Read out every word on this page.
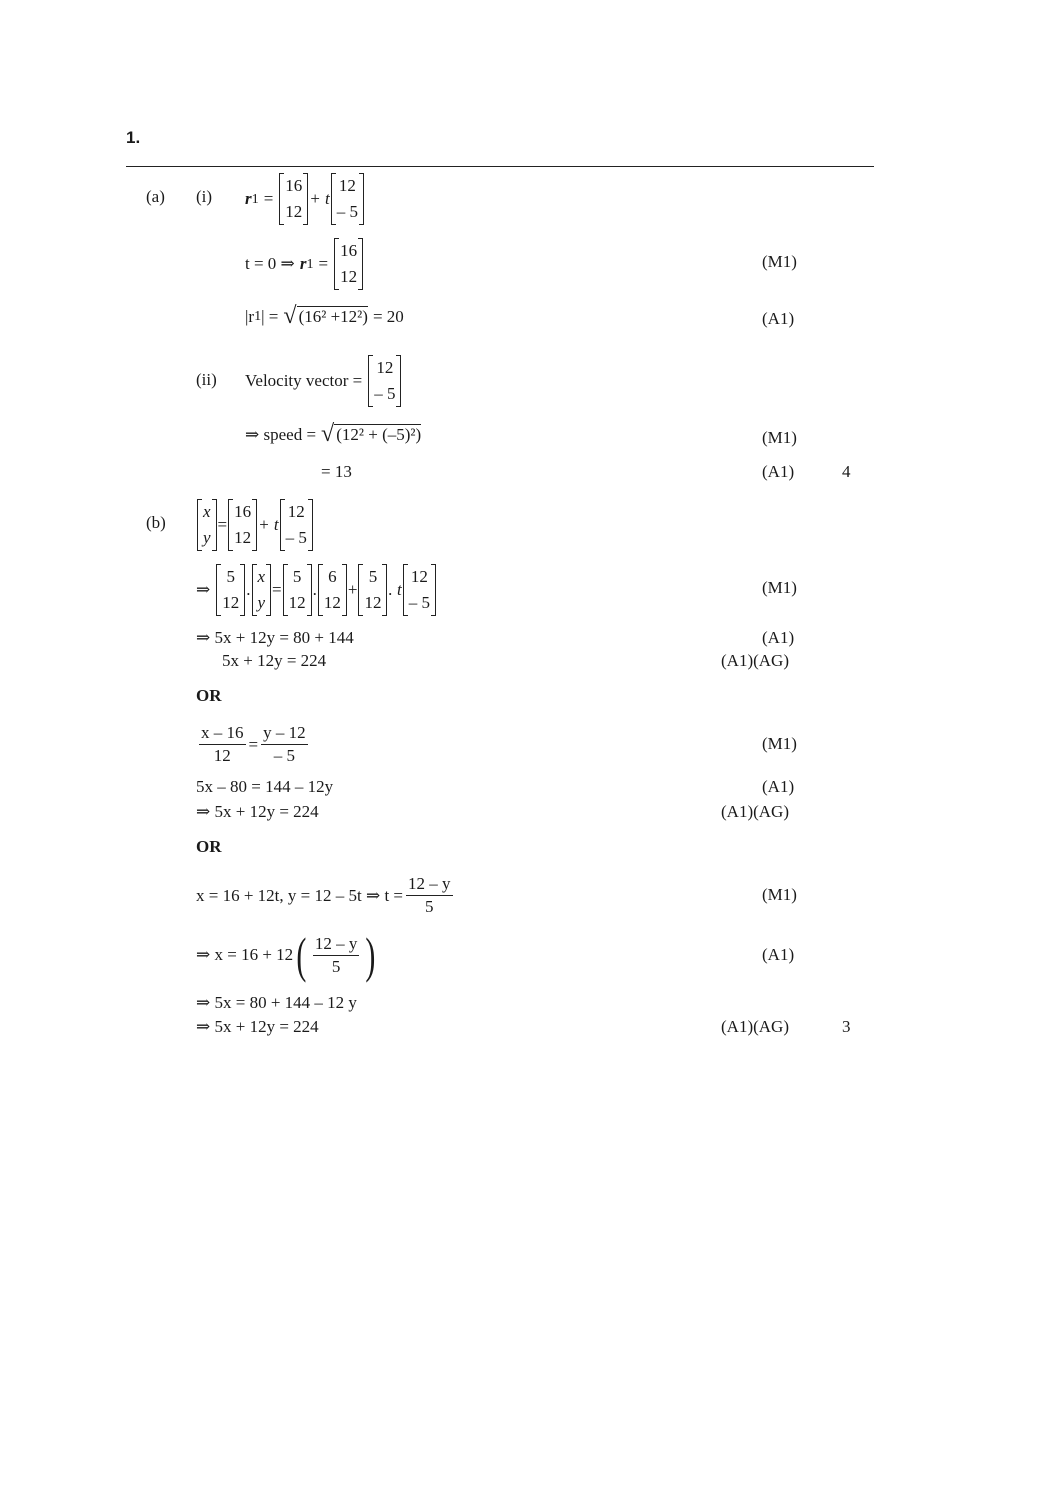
1.
(a) (i) r 1 =
16
12
+ t
12
– 5
t = 0 ⇒ r 1 =
16
12
(M1)
|r 1 | = √ (16² +12²) = 20	(A1)
(ii) Velocity vector =
12
– 5
⇒ speed = √ (12² + (–5)²)	(M1)
= 13	(A1)	4
(b)
x
y
=
16
12
+ t
12
– 5
⇒
5
12
.
x
y
=
5
12
.
6
12
+
5
12
. t
12
– 5
(M1)
⇒ 5x + 12y = 80 + 144	(A1)
5x + 12y = 224	(A1)(AG)
OR
$\frac{x - 16}{12} = \frac{y - 12}{- 5}$	(M1)
5x – 80 = 144 – 12y	(A1)
⇒ 5x + 12y = 224	(A1)(AG)
OR
x = 16 + 12t, y = 12 – 5t ⇒ $t = \frac{12 - y}{5}$	(M1)
⇒ x = 16 + 12 ( $\frac{12 - y}{5}$ )	(A1)
⇒ 5x = 80 + 144 – 12 y
⇒ 5x + 12y = 224	(A1)(AG)	3
